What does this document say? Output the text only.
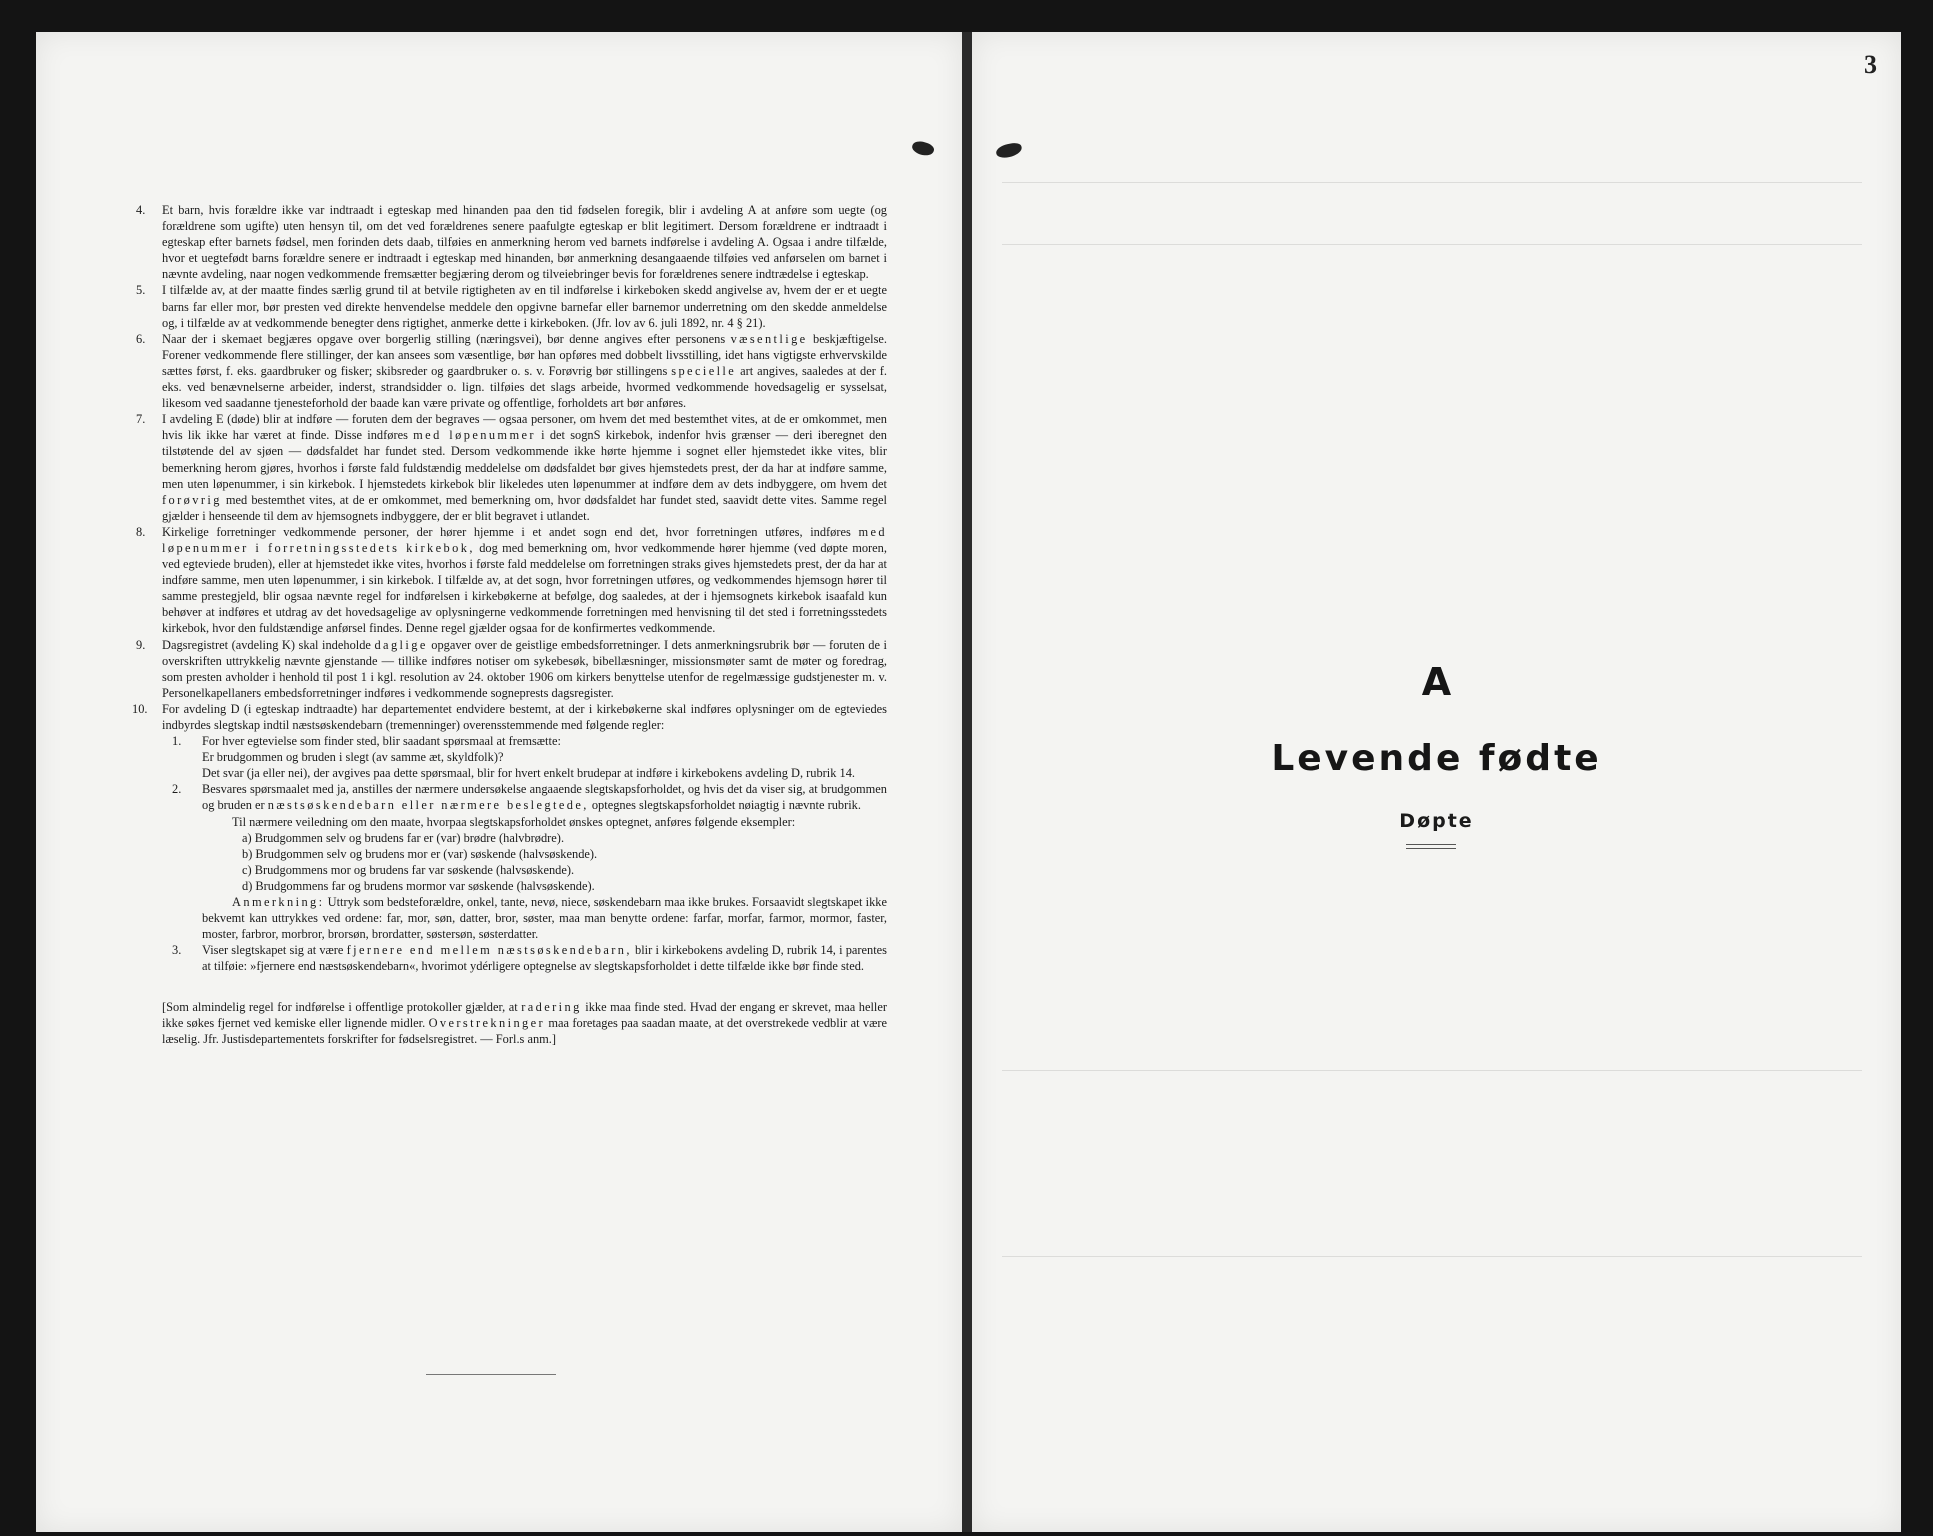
4. Et barn, hvis forældre ikke var indtraadt i egteskap med hinanden paa den tid fødselen foregik, blir i avdeling A at anføre som uegte (og forældrene som ugifte) uten hensyn til, om det ved forældrenes senere paafulgte egteskap er blit legitimert. Dersom forældrene er indtraadt i egteskap efter barnets fødsel, men forinden dets daab, tilføies en anmerkning herom ved barnets indførelse i avdeling A. Ogsaa i andre tilfælde, hvor et uegtefødt barns forældre senere er indtraadt i egteskap med hinanden, bør anmerkning desangaaende tilføies ved anførselen om barnet i nævnte avdeling, naar nogen vedkommende fremsætter begjæring derom og tilveiebringer bevis for forældrenes senere indtrædelse i egteskap.

5. I tilfælde av, at der maatte findes særlig grund til at betvile rigtigheten av en til indførelse i kirkeboken skedd angivelse av, hvem der er et uegte barns far eller mor, bør presten ved direkte henvendelse meddele den opgivne barnefar eller barnemor underretning om den skedde anmeldelse og, i tilfælde av at vedkommende benegter dens rigtighet, anmerke dette i kirkeboken. (Jfr. lov av 6. juli 1892, nr. 4 § 21).

6. Naar der i skemaet begjæres opgave over borgerlig stilling (næringsvei), bør denne angives efter personens væsentlige beskjæftigelse. Forener vedkommende flere stillinger, der kan ansees som væsentlige, bør han opføres med dobbelt livsstilling, idet hans vigtigste erhvervskilde sættes først, f. eks. gaardbruker og fisker; skibsreder og gaardbruker o. s. v. Forøvrig bør stillingens specielle art angives, saaledes at der f. eks. ved benævnelserne arbeider, inderst, strandsidder o. lign. tilføies det slags arbeide, hvormed vedkommende hovedsagelig er sysselsat, likesom ved saadanne tjenesteforhold der baade kan være private og offentlige, forholdets art bør anføres.

7. I avdeling E (døde) blir at indføre — foruten dem der begraves — ogsaa personer, om hvem det med bestemthet vites, at de er omkommet, men hvis lik ikke har været at finde. Disse indføres med løpenummer i det sognS kirkebok, indenfor hvis grænser — deri iberegnet den tilstøtende del av sjøen — dødsfaldet har fundet sted. Dersom vedkommende ikke hørte hjemme i sognet eller hjemstedet ikke vites, blir bemerkning herom gjøres, hvorhos i første fald fuldstændig meddelelse om dødsfaldet bør gives hjemstedets prest, der da har at indføre samme, men uten løpenummer, i sin kirkebok. I hjemstedets kirkebok blir likeledes uten løpenummer at indføre dem av dets indbyggere, om hvem det forøvrig med bestemthet vites, at de er omkommet, med bemerkning om, hvor dødsfaldet har fundet sted, saavidt dette vites. Samme regel gjælder i henseende til dem av hjemsognets indbyggere, der er blit begravet i utlandet.

8. Kirkelige forretninger vedkommende personer, der hører hjemme i et andet sogn end det, hvor forretningen utføres, indføres med løpenummer i forretningsstedets kirkebok, dog med bemerkning om, hvor vedkommende hører hjemme (ved døpte moren, ved egteviede bruden), eller at hjemstedet ikke vites, hvorhos i første fald meddelelse om forretningen straks gives hjemstedets prest, der da har at indføre samme, men uten løpenummer, i sin kirkebok. I tilfælde av, at det sogn, hvor forretningen utføres, og vedkommendes hjemsogn hører til samme prestegjeld, blir ogsaa nævnte regel for indførelsen i kirkebøkerne at befølge, dog saaledes, at der i hjemsognets kirkebok isaafald kun behøver at indføres et utdrag av det hovedsagelige av oplysningerne vedkommende forretningen med henvisning til det sted i forretningsstedets kirkebok, hvor den fuldstændige anførsel findes. Denne regel gjælder ogsaa for de konfirmertes vedkommende.

9. Dagsregistret (avdeling K) skal indeholde daglige opgaver over de geistlige embedsforretninger. I dets anmerkningsrubrik bør — foruten de i overskriften uttrykkelig nævnte gjenstande — tillike indføres notiser om sykebesøk, bibellæsninger, missionsmøter samt de møter og foredrag, som presten avholder i henhold til post 1 i kgl. resolution av 24. oktober 1906 om kirkers benyttelse utenfor de regelmæssige gudstjenester m. v. Personelkapellaners embedsforretninger indføres i vedkommende sogneprests dagsregister.

10. For avdeling D (i egteskap indtraadte) har departementet endvidere bestemt, at der i kirkebøkerne skal indføres oplysninger om de egteviedes indbyrdes slegtskap indtil næstsøskendebarn (tremenninger) overensstemmende med følgende regler:
1. For hver egtevielse som finder sted, blir saadant spørsmaal at fremsætte:
Er brudgommen og bruden i slegt (av samme æt, skyldfolk)?
Det svar (ja eller nei), der avgives paa dette spørsmaal, blir for hvert enkelt brudepar at indføre i kirkebokens avdeling D, rubrik 14.
2. Besvares spørsmaalet med ja, anstilles der nærmere undersøkelse angaaende slegtskapsforholdet, og hvis det da viser sig, at brudgommen og bruden er næstsøskendebarn eller nærmere beslegtede, optegnes slegtskapsforholdet nøiagtig i nævnte rubrik.
Til nærmere veiledning om den maate, hvorpaa slegtskapsforholdet ønskes optegnet, anføres følgende eksempler:
a) Brudgommen selv og brudens far er (var) brødre (halvbrødre).
b) Brudgommen selv og brudens mor er (var) søskende (halvsøskende).
c) Brudgommens mor og brudens far var søskende (halvsøskende).
d) Brudgommens far og brudens mormor var søskende (halvsøskende).
Anmerkning: Uttryk som bedsteforældre, onkel, tante, nevø, niece, søskendebarn maa ikke brukes. Forsaavidt slegtskapet ikke bekvemt kan uttrykkes ved ordene: far, mor, søn, datter, bror, søster, maa man benytte ordene: farfar, morfar, farmor, mormor, faster, moster, farbror, morbror, brorsøn, brordatter, søstersøn, søsterdatter.
3. Viser slegtskapet sig at være fjernere end mellem næstsøskendebarn, blir i kirkebokens avdeling D, rubrik 14, i parentes at tilføie: »fjernere end næstsøskendebarn«, hvorimot ydérligere optegnelse av slegtskapsforholdet i dette tilfælde ikke bør finde sted.

[Som almindelig regel for indførelse i offentlige protokoller gjælder, at radering ikke maa finde sted. Hvad der engang er skrevet, maa heller ikke søkes fjernet ved kemiske eller lignende midler. Overstrekninger maa foretages paa saadan maate, at det overstrekede vedblir at være læselig. Jfr. Justisdepartementets forskrifter for fødselsregistret. — Forl.s anm.]

3
A
Levende fødte
Døpte
